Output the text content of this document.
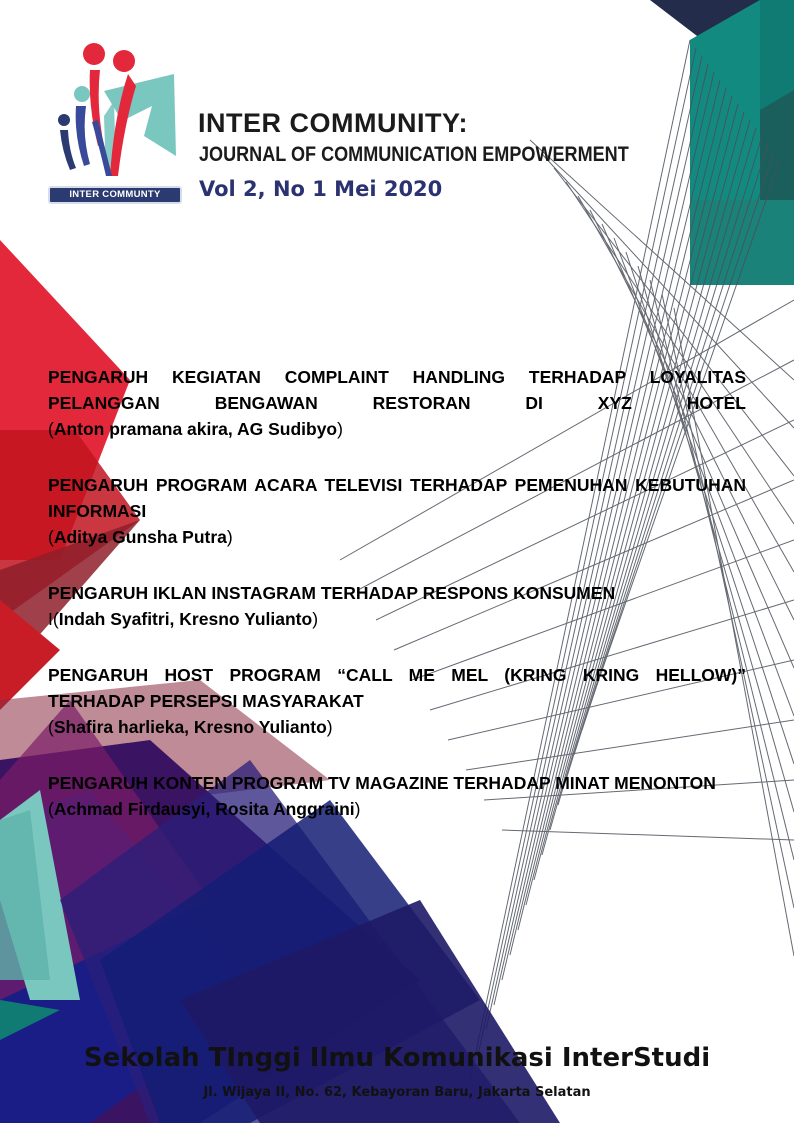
INTER COMMUNTY
INTER COMMUNITY:
JOURNAL OF COMMUNICATION EMPOWERMENT
Vol 2, No 1 Mei 2020
PENGARUH KEGIATAN COMPLAINT HANDLING TERHADAP LOYALITAS PELANGGAN BENGAWAN RESTORAN DI XYZ HOTEL
(Anton pramana akira, AG Sudibyo)
PENGARUH PROGRAM ACARA TELEVISI TERHADAP PEMENUHAN KEBUTUHAN INFORMASI
(Aditya Gunsha Putra)
PENGARUH IKLAN INSTAGRAM TERHADAP RESPONS KONSUMEN
I(Indah Syafitri, Kresno Yulianto)
PENGARUH HOST PROGRAM “CALL ME MEL (KRING KRING HELLOW)” TERHADAP PERSEPSI MASYARAKAT
(Shafira harlieka, Kresno Yulianto)
PENGARUH KONTEN PROGRAM TV MAGAZINE TERHADAP MINAT MENONTON
(Achmad Firdausyi, Rosita Anggraini)
Sekolah TInggi Ilmu Komunikasi InterStudi
Jl. Wijaya II, No. 62, Kebayoran Baru, Jakarta Selatan
